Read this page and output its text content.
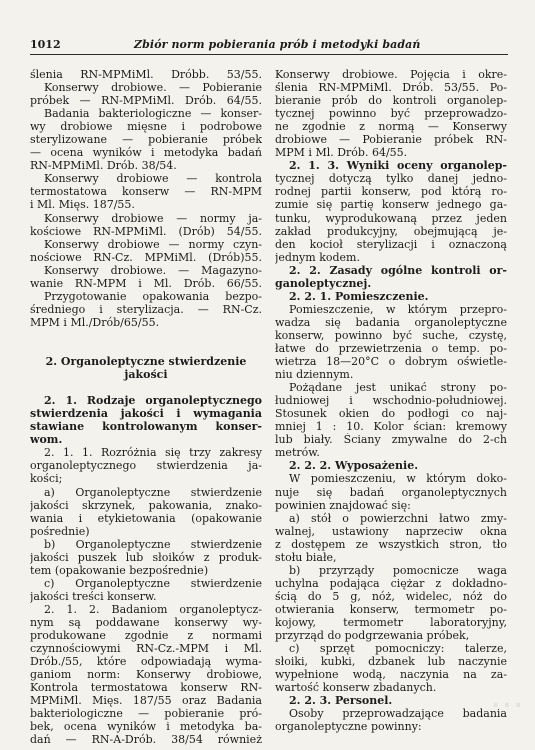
1012	Zbiór norm pobierania prób i metodyki badań
ślenia RN-MPMiMl. Dróbb. 53/55.
Konserwy drobiowe. — Pobieranie
próbek — RN-MPMiMl. Drób. 64/55.
Badania bakteriologiczne — konser-
wy drobiowe mięsne i podrobowe
sterylizowane — pobieranie próbek
— ocena wyników i metodyka badań
RN-MPMiMl. Drób. 38/54.
Konserwy drobiowe — kontrola
termostatowa konserw — RN-MPM
i Ml. Mięs. 187/55.
Konserwy drobiowe — normy ja-
kościowe RN-MPMiMl. (Drób) 54/55.
Konserwy drobiowe — normy czyn-
nościowe RN-Cz. MPMiMl. (Drób)55.
Konserwy drobiowe. — Magazyno-
wanie RN-MPM i Ml. Drób. 66/55.
Przygotowanie opakowania bezpo-
średniego i sterylizacja. — RN-Cz.
MPM i Ml./Drób/65/55.

2. Organoleptyczne stwierdzenie
jakości

2. 1. Rodzaje organoleptycznego
stwierdzenia jakości i wymagania
stawiane kontrolowanym konser-
wom.
2. 1. 1. Rozróżnia się trzy zakresy
organoleptycznego stwierdzenia ja-
kości;
a) Organoleptyczne stwierdzenie
jakości skrzynek, pakowania, znako-
wania i etykietowania (opakowanie
pośrednie)
b) Organoleptyczne stwierdzenie
jakości puszek lub słoików z produk-
tem (opakowanie bezpośrednie)
c) Organoleptyczne stwierdzenie
jakości treści konserw.
2. 1. 2. Badaniom organoleptycz-
nym są poddawane konserwy wy-
produkowane zgodnie z normami
czynnościowymi RN-Cz.-MPM i Ml.
Drób./55, które odpowiadają wyma-
ganiom norm: Konserwy drobiowe,
Kontrola termostatowa konserw RN-
MPMiMl. Mięs. 187/55 oraz Badania
bakteriologiczne — pobieranie pró-
bek, ocena wyników i metodyka ba-
dań — RN-A-Drób. 38/54 również
Konserwy drobiowe. Pojęcia i okre-
ślenia RN-MPMiMl. Drób. 53/55. Po-
bieranie prób do kontroli organolep-
tycznej powinno być przeprowadzo-
ne zgodnie z normą — Konserwy
drobiowe — Pobieranie próbek RN-
MPM i Ml. Drób. 64/55.
2. 1. 3. Wyniki oceny organolep-
tycznej dotyczą tylko danej jedno-
rodnej partii konserw, pod którą ro-
zumie się partię konserw jednego ga-
tunku, wyprodukowaną przez jeden
zakład produkcyjny, obejmującą je-
den kocioł sterylizacji i oznaczoną
jednym kodem.
2. 2. Zasady ogólne kontroli or-
ganoleptycznej.
2. 2. 1. Pomieszczenie.
Pomieszczenie, w którym przepro-
wadza się badania organoleptyczne
konserw, powinno być suche, czystę,
łatwe do przewietrzenia o temp. po-
wietrza 18—20°C o dobrym oświetle-
niu dziennym.
Pożądane jest unikać strony po-
łudniowej i wschodnio-południowej.
Stosunek okien do podłogi co naj-
mniej 1 : 10. Kolor ścian: kremowy
lub biały. Ściany zmywalne do 2-ch
metrów.
2. 2. 2. Wyposażenie.
W pomieszczeniu, w którym doko-
nuje się badań organoleptycznych
powinien znajdować się:
a) stół o powierzchni łatwo zmy-
walnej, ustawiony naprzeciw okna
z dostępem ze wszystkich stron, tło
stołu białe,
b) przyrządy pomocnicze waga
uchylna podająca ciężar z dokładno-
ścią do 5 g, nóż, widelec, nóż do
otwierania konserw, termometr po-
kojowy, termometr laboratoryjny,
przyrząd do podgrzewania próbek,
c) sprzęt pomocniczy: talerze,
słoiki, kubki, dzbanek lub naczynie
wypełnione wodą, naczynia na za-
wartość konserw zbadanych.
2. 2. 3. Personel.
Osoby przeprowadzające badania
organoleptyczne powinny:
…
